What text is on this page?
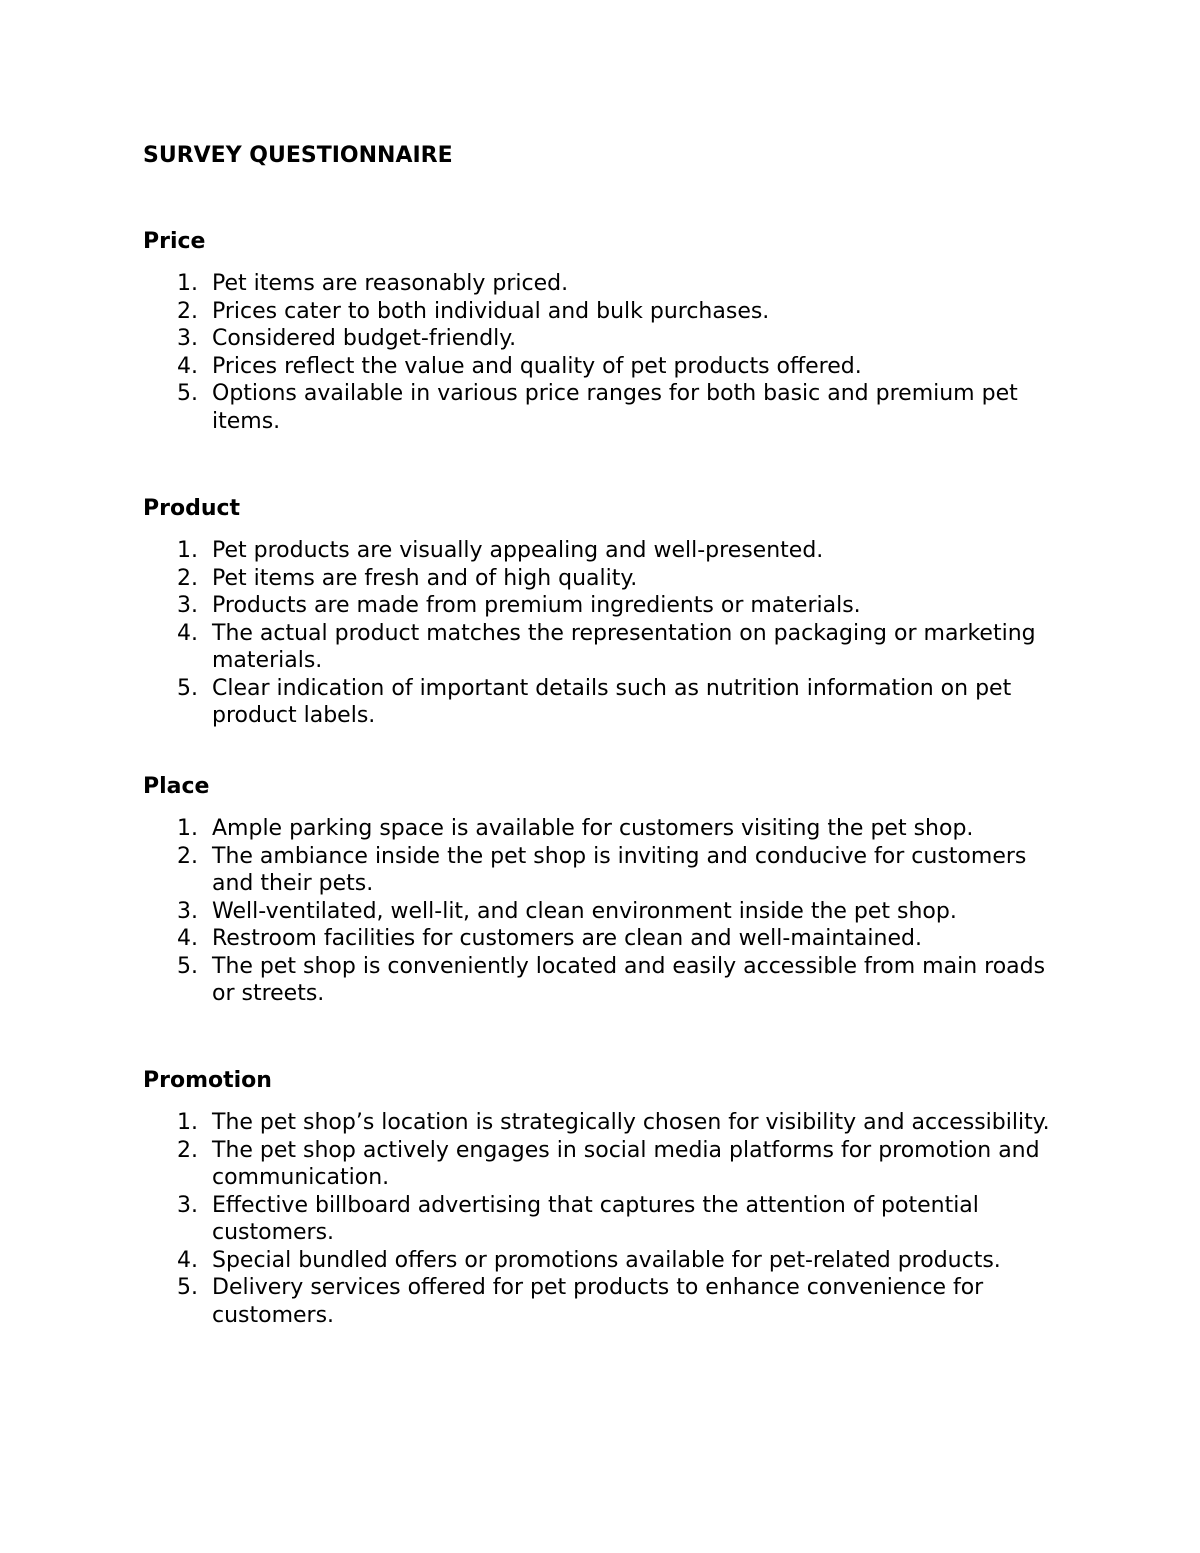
SURVEY QUESTIONNAIRE
Price
1. Pet items are reasonably priced.
2. Prices cater to both individual and bulk purchases.
3. Considered budget-friendly.
4. Prices reflect the value and quality of pet products offered.
5. Options available in various price ranges for both basic and premium pet items.
Product
1. Pet products are visually appealing and well-presented.
2. Pet items are fresh and of high quality.
3. Products are made from premium ingredients or materials.
4. The actual product matches the representation on packaging or marketing materials.
5. Clear indication of important details such as nutrition information on pet product labels.
Place
1. Ample parking space is available for customers visiting the pet shop.
2. The ambiance inside the pet shop is inviting and conducive for customers and their pets.
3. Well-ventilated, well-lit, and clean environment inside the pet shop.
4. Restroom facilities for customers are clean and well-maintained.
5. The pet shop is conveniently located and easily accessible from main roads or streets.
Promotion
1. The pet shop’s location is strategically chosen for visibility and accessibility.
2. The pet shop actively engages in social media platforms for promotion and communication.
3. Effective billboard advertising that captures the attention of potential customers.
4. Special bundled offers or promotions available for pet-related products.
5. Delivery services offered for pet products to enhance convenience for customers.
